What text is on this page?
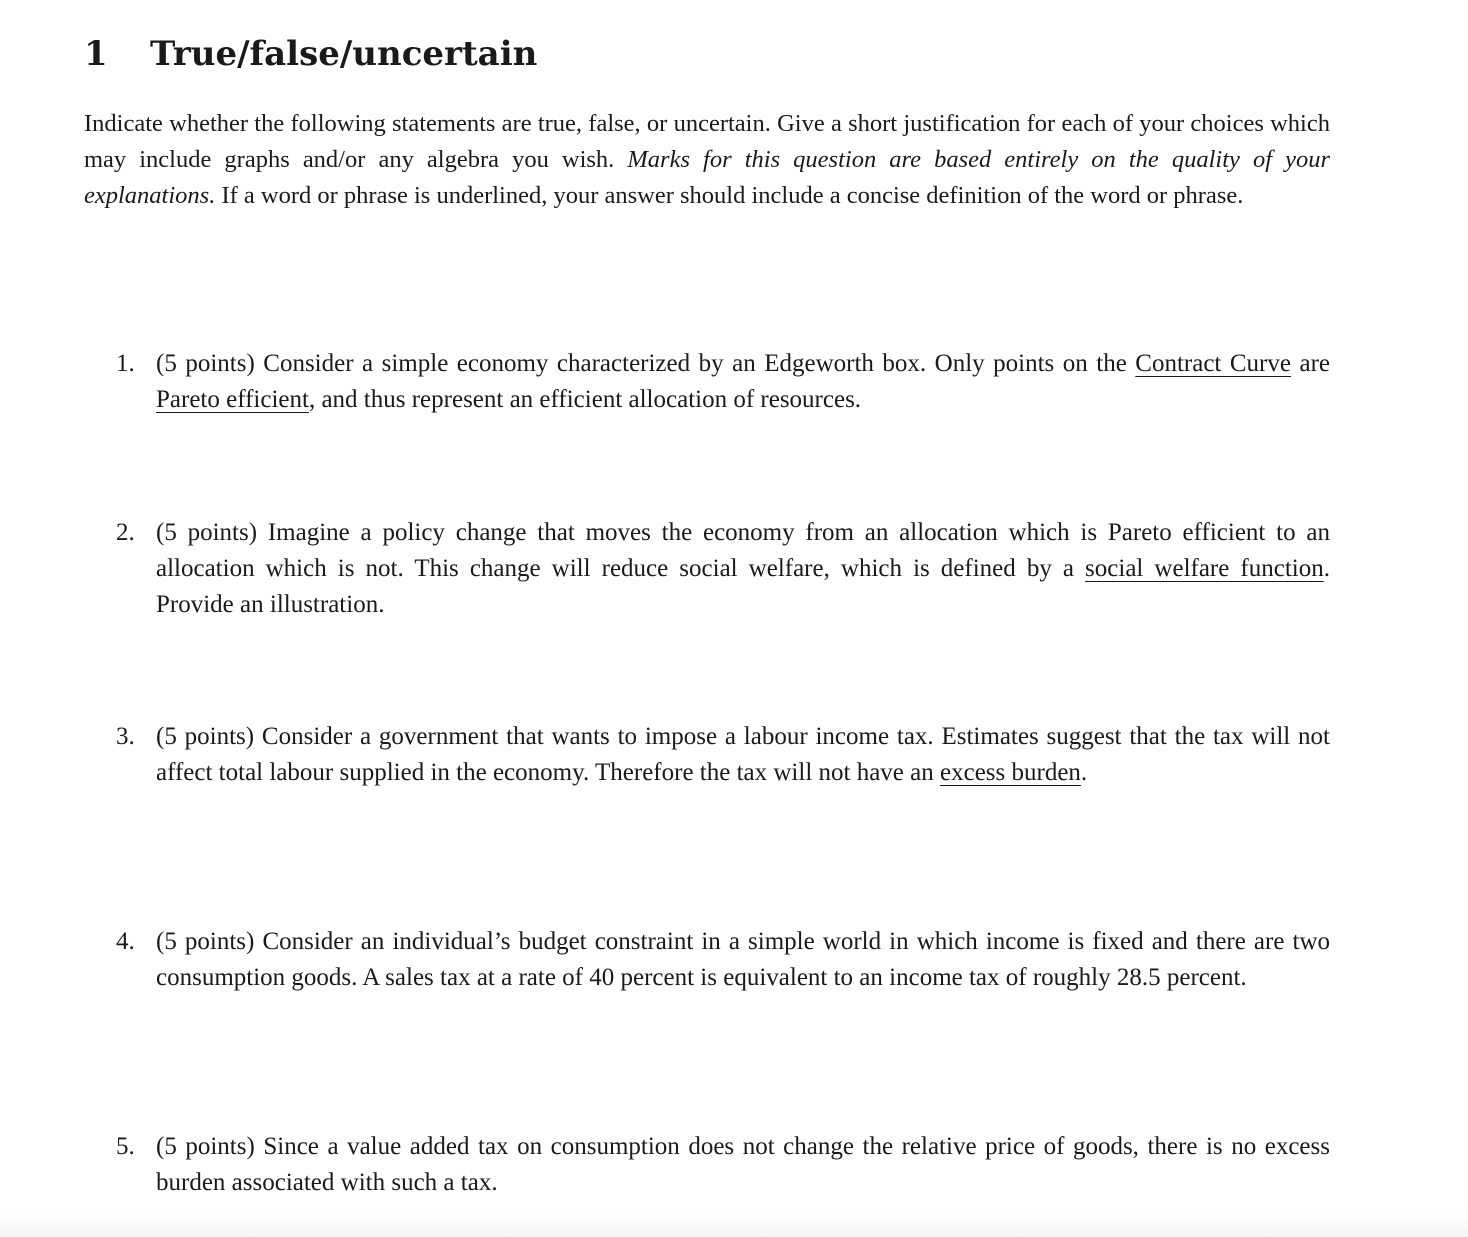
1 True/false/uncertain

Indicate whether the following statements are true, false, or uncertain. Give a short justification for each of your choices which may include graphs and/or any algebra you wish. Marks for this question are based entirely on the quality of your explanations. If a word or phrase is underlined, your answer should include a concise definition of the word or phrase.

1. (5 points) Consider a simple economy characterized by an Edgeworth box. Only points on the Contract Curve are Pareto efficient, and thus represent an efficient allocation of resources.
2. (5 points) Imagine a policy change that moves the economy from an allocation which is Pareto efficient to an allocation which is not. This change will reduce social welfare, which is defined by a social welfare function. Provide an illustration.
3. (5 points) Consider a government that wants to impose a labour income tax. Estimates suggest that the tax will not affect total labour supplied in the economy. Therefore the tax will not have an excess burden.
4. (5 points) Consider an individual’s budget constraint in a simple world in which income is fixed and there are two consumption goods. A sales tax at a rate of 40 percent is equivalent to an income tax of roughly 28.5 percent.
5. (5 points) Since a value added tax on consumption does not change the relative price of goods, there is no excess burden associated with such a tax.
